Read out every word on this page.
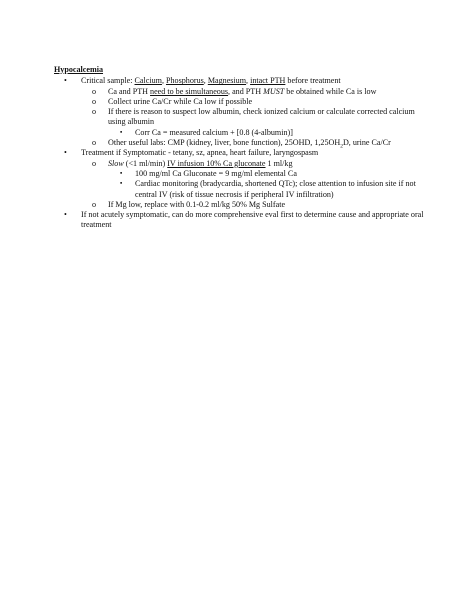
Hypocalcemia
•	Critical sample: Calcium, Phosphorus, Magnesium, intact PTH before treatment
o	Ca and PTH need to be simultaneous, and PTH MUST be obtained while Ca is low
o	Collect urine Ca/Cr while Ca low if possible
o	If there is reason to suspect low albumin, check ionized calcium or calculate corrected calcium using albumin
▪	Corr Ca = measured calcium + [0.8 (4-albumin)]
o	Other useful labs: CMP (kidney, liver, bone function), 25OHD, $1,25OH_2D$, urine Ca/Cr
•	Treatment if Symptomatic - tetany, sz, apnea, heart failure, laryngospasm
o	Slow (<1 ml/min) IV infusion 10% Ca gluconate 1 ml/kg
▪	100 mg/ml Ca Gluconate = 9 mg/ml elemental Ca
▪	Cardiac monitoring (bradycardia, shortened QTc); close attention to infusion site if not central IV (risk of tissue necrosis if peripheral IV infiltration)
o	If Mg low, replace with 0.1-0.2 ml/kg 50% Mg Sulfate
•	If not acutely symptomatic, can do more comprehensive eval first to determine cause and appropriate oral treatment
